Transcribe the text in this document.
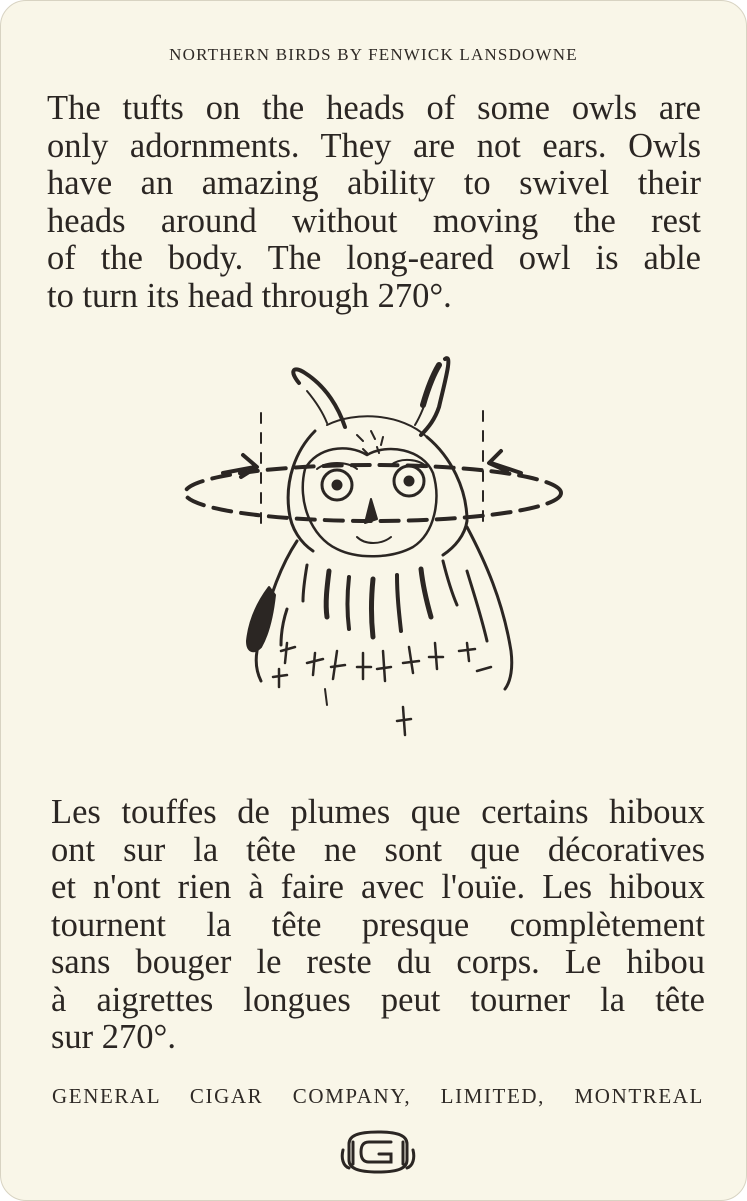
NORTHERN BIRDS BY FENWICK LANSDOWNE
The tufts on the heads of some owls are
only adornments. They are not ears. Owls
have an amazing ability to swivel their
heads around without moving the rest
of the body. The long-eared owl is able
to turn its head through 270°.
Les touffes de plumes que certains hiboux
ont sur la tête ne sont que décoratives
et n'ont rien à faire avec l'ouïe. Les hiboux
tournent la tête presque complètement
sans bouger le reste du corps. Le hibou
à aigrettes longues peut tourner la tête
sur 270°.
GENERAL CIGAR COMPANY, LIMITED, MONTREAL
